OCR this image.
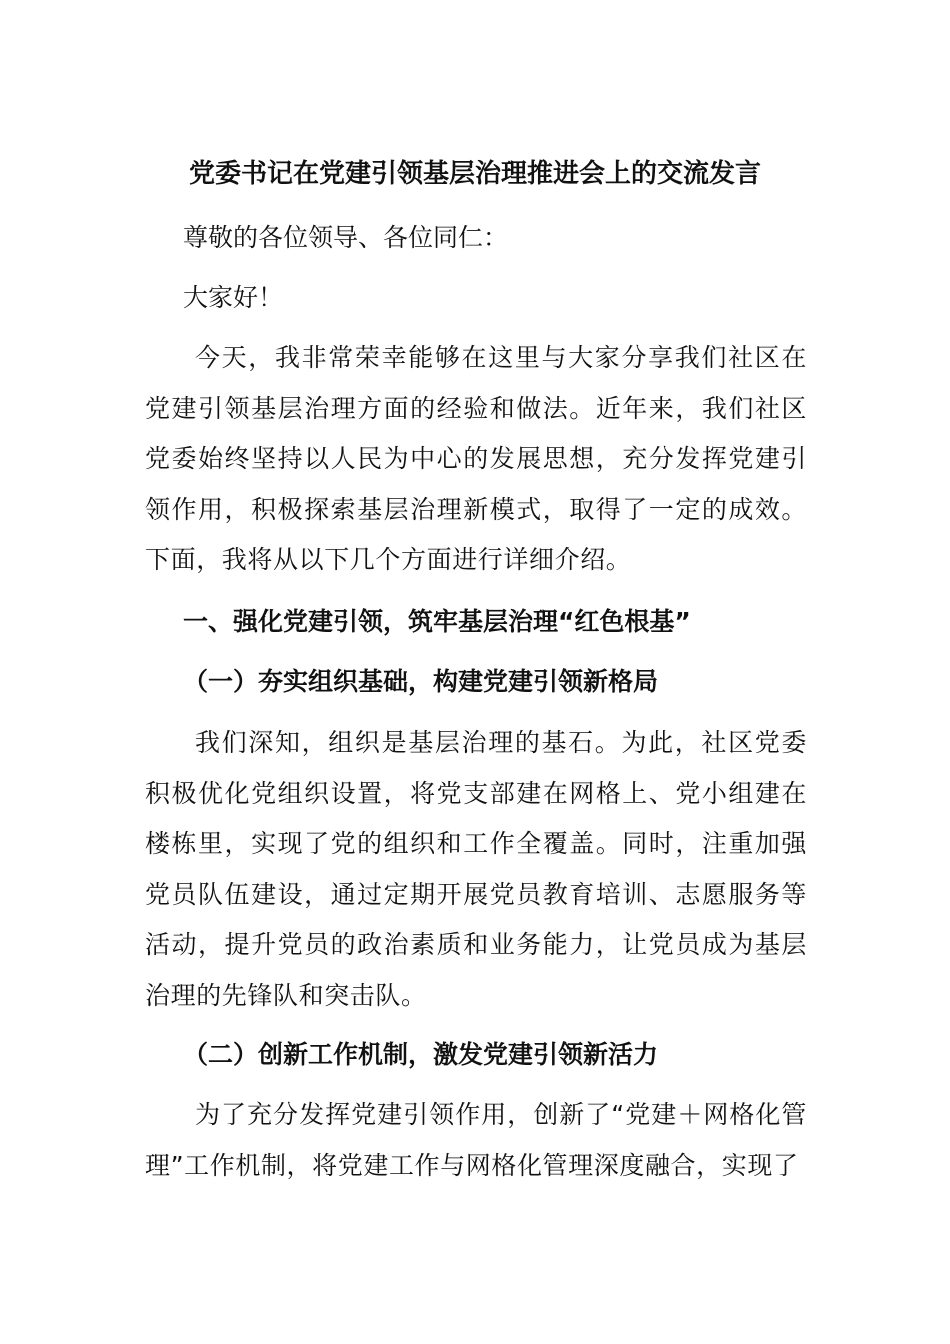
党委书记在党建引领基层治理推进会上的交流发言

尊敬的各位领导、各位同仁：

大家好！

今天，我非常荣幸能够在这里与大家分享我们社区在党建引领基层治理方面的经验和做法。近年来，我们社区党委始终坚持以人民为中心的发展思想，充分发挥党建引领作用，积极探索基层治理新模式，取得了一定的成效。下面，我将从以下几个方面进行详细介绍。

一、强化党建引领，筑牢基层治理“红色根基”
（一）夯实组织基础，构建党建引领新格局

我们深知，组织是基层治理的基石。为此，社区党委积极优化党组织设置，将党支部建在网格上、党小组建在楼栋里，实现了党的组织和工作全覆盖。同时，注重加强党员队伍建设，通过定期开展党员教育培训、志愿服务等活动，提升党员的政治素质和业务能力，让党员成为基层治理的先锋队和突击队。

（二）创新工作机制，激发党建引领新活力

为了充分发挥党建引领作用，创新了“党建＋网格化管理”工作机制，将党建工作与网格化管理深度融合，实现了
